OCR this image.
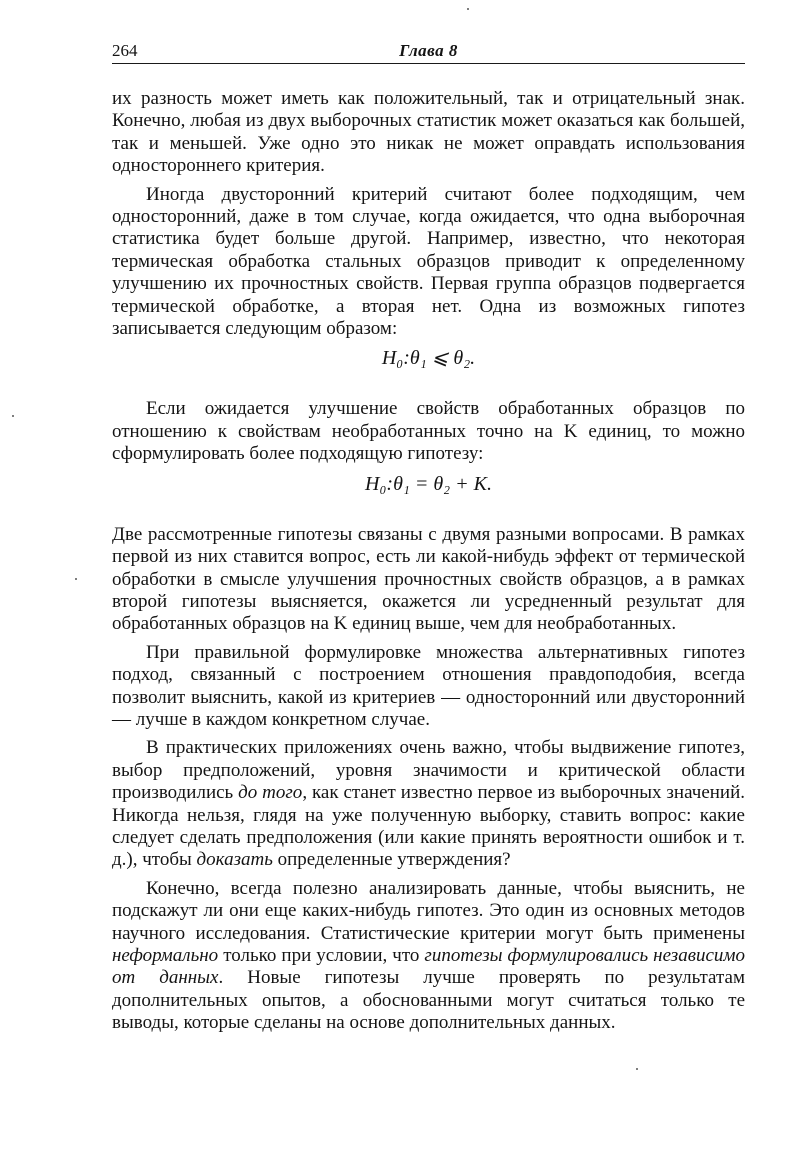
264	Глава 8

их разность может иметь как положительный, так и отрицательный знак. Конечно, любая из двух выборочных статистик может оказаться как большей, так и меньшей. Уже одно это никак не может оправдать использования одностороннего критерия.

Иногда двусторонний критерий считают более подходящим, чем односторонний, даже в том случае, когда ожидается, что одна выборочная статистика будет больше другой. Например, известно, что некоторая термическая обработка стальных образцов приводит к определенному улучшению их прочностных свойств. Первая группа образцов подвергается термической обработке, а вторая нет. Одна из возможных гипотез записывается следующим образом:

H₀:θ₁ ⩽ θ₂.

Если ожидается улучшение свойств обработанных образцов по отношению к свойствам необработанных точно на K единиц, то можно сформулировать более подходящую гипотезу:

H₀:θ₁ = θ₂ + K.

Две рассмотренные гипотезы связаны с двумя разными вопросами. В рамках первой из них ставится вопрос, есть ли какой-нибудь эффект от термической обработки в смысле улучшения прочностных свойств образцов, а в рамках второй гипотезы выясняется, окажется ли усредненный результат для обработанных образцов на K единиц выше, чем для необработанных.

При правильной формулировке множества альтернативных гипотез подход, связанный с построением отношения правдоподобия, всегда позволит выяснить, какой из критериев — односторонний или двусторонний — лучше в каждом конкретном случае.

В практических приложениях очень важно, чтобы выдвижение гипотез, выбор предположений, уровня значимости и критической области производились до того, как станет известно первое из выборочных значений. Никогда нельзя, глядя на уже полученную выборку, ставить вопрос: какие следует сделать предположения (или какие принять вероятности ошибок и т. д.), чтобы доказать определенные утверждения?

Конечно, всегда полезно анализировать данные, чтобы выяснить, не подскажут ли они еще каких-нибудь гипотез. Это один из основных методов научного исследования. Статистические критерии могут быть применены неформально только при условии, что гипотезы формулировались независимо от данных. Новые гипотезы лучше проверять по результатам дополнительных опытов, а обоснованными могут считаться только те выводы, которые сделаны на основе дополнительных данных.
